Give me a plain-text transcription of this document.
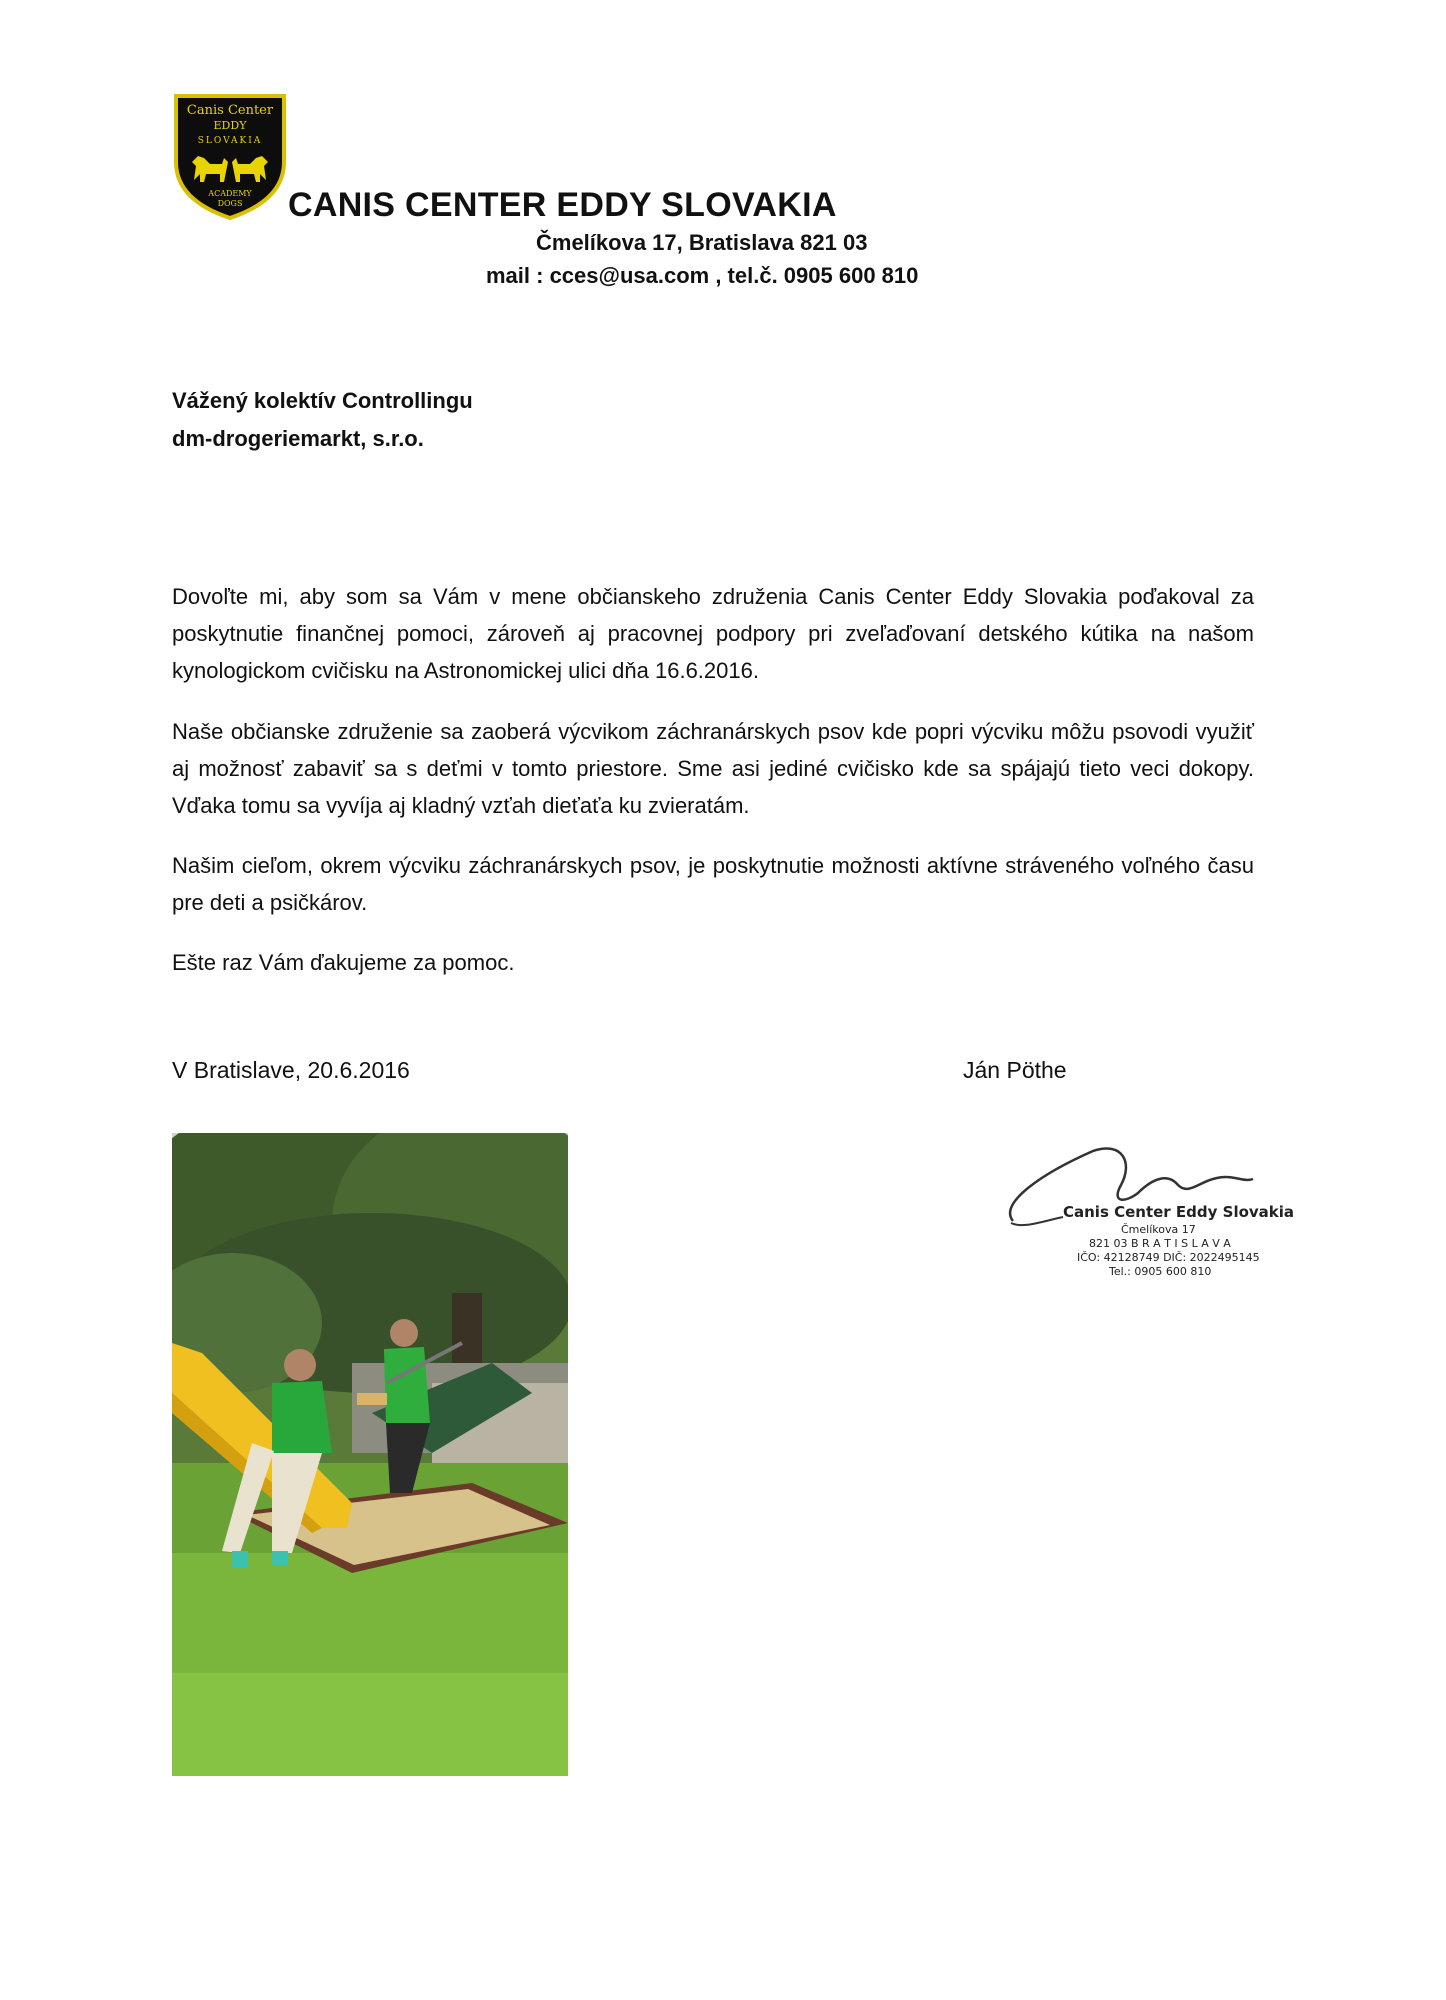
Canis Center
EDDY
SLOVAKIA
ACADEMY
DOGS CANIS CENTER EDDY SLOVAKIA
Čmelíkova 17, Bratislava 821 03
mail : cces@usa.com , tel.č. 0905 600 810
Vážený kolektív Controllingu
dm-drogeriemarkt, s.r.o.
Dovoľte mi, aby som sa Vám v mene občianskeho združenia Canis Center Eddy Slovakia poďakoval za poskytnutie finančnej pomoci, zároveň aj pracovnej podpory pri zveľaďovaní detského kútika na našom kynologickom cvičisku na Astronomickej ulici dňa 16.6.2016.
Naše občianske združenie sa zaoberá výcvikom záchranárskych psov kde popri výcviku môžu psovodi využiť aj možnosť zabaviť sa s deťmi v tomto priestore. Sme asi jediné cvičisko kde sa spájajú tieto veci dokopy. Vďaka tomu sa vyvíja aj kladný vzťah dieťaťa ku zvieratám.
Našim cieľom, okrem výcviku záchranárskych psov, je poskytnutie možnosti aktívne stráveného voľného času pre deti a psičkárov.
Ešte raz Vám ďakujeme za pomoc.
V Bratislave, 20.6.2016	Ján Pöthe
Canis Center Eddy Slovakia
Čmelíkova 17
821 03 B R A T I S L A V A
IČO: 42128749 DIČ: 2022495145
Tel.: 0905 600 810
